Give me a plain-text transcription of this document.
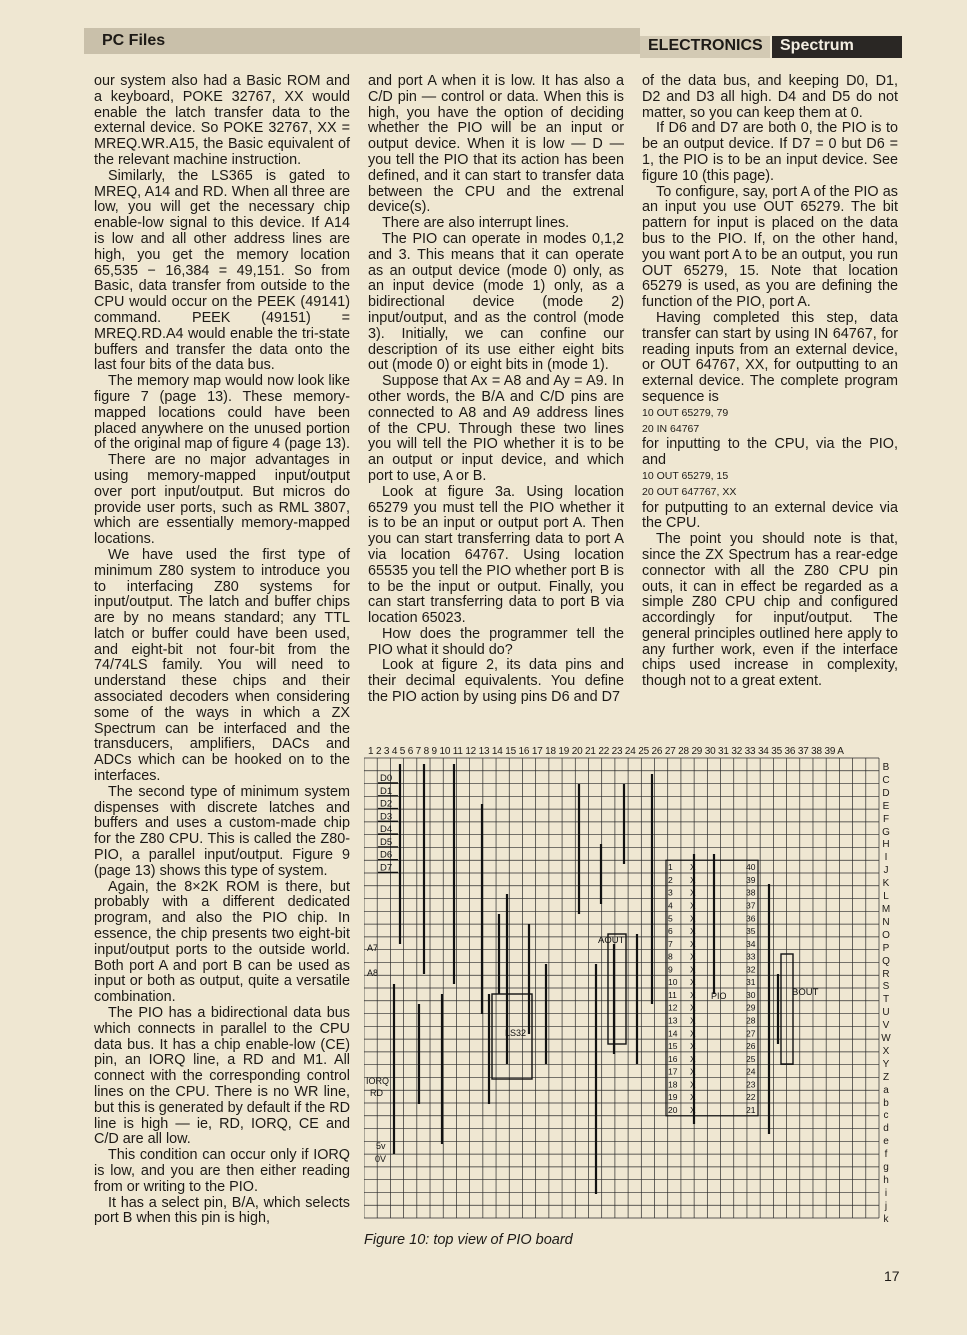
PC Files	ELECTRONICS Spectrum

our system also had a Basic ROM and a keyboard, POKE 32767, XX would enable the latch transfer data to the external device. So POKE 32767, XX = MREQ.WR.A15, the Basic equivalent of the relevant machine instruction.

Similarly, the LS365 is gated to MREQ, A14 and RD. When all three are low, you will get the necessary chip enable-low signal to this device. If A14 is low and all other address lines are high, you get the memory location 65,535 − 16,384 = 49,151. So from Basic, data transfer from outside to the CPU would occur on the PEEK (49141) command. PEEK (49151) = MREQ.RD.A4 would enable the tri-state buffers and transfer the data onto the last four bits of the data bus.

The memory map would now look like figure 7 (page 13). These memory-mapped locations could have been placed anywhere on the unused portion of the original map of figure 4 (page 13).

There are no major advantages in using memory-mapped input/output over port input/output. But micros do provide user ports, such as RML 3807, which are essentially memory-mapped locations.

We have used the first type of minimum Z80 system to introduce you to interfacing Z80 systems for input/output. The latch and buffer chips are by no means standard; any TTL latch or buffer could have been used, and eight-bit not four-bit from the 74/74LS family. You will need to understand these chips and their associated decoders when considering some of the ways in which a ZX Spectrum can be interfaced and the transducers, amplifiers, DACs and ADCs which can be hooked on to the interfaces.

The second type of minimum system dispenses with discrete latches and buffers and uses a custom-made chip for the Z80 CPU. This is called the Z80-PIO, a parallel input/output. Figure 9 (page 13) shows this type of system.

Again, the 8×2K ROM is there, but probably with a different dedicated program, and also the PIO chip. In essence, the chip presents two eight-bit input/output ports to the outside world. Both port A and port B can be used as input or both as output, quite a versatile combination.

The PIO has a bidirectional data bus which connects in parallel to the CPU data bus. It has a chip enable-low (CE) pin, an IORQ line, a RD and M1. All connect with the corresponding control lines on the CPU. There is no WR line, but this is generated by default if the RD line is high — ie, RD, IORQ, CE and C/D are all low.

This condition can occur only if IORQ is low, and you are then either reading from or writing to the PIO.

It has a select pin, B/A, which selects port B when this pin is high,

and port A when it is low. It has also a C/D pin — control or data. When this is high, you have the option of deciding whether the PIO will be an input or output device. When it is low — D — you tell the PIO that its action has been defined, and it can start to transfer data between the CPU and the extrenal device(s).

There are also interrupt lines.

The PIO can operate in modes 0,1,2 and 3. This means that it can operate as an output device (mode 0) only, as an input device (mode 1) only, as a bidirectional device (mode 2) input/output, and as the control (mode 3). Initially, we can confine our description of its use either eight bits out (mode 0) or eight bits in (mode 1).

Suppose that Ax = A8 and Ay = A9. In other words, the B/A and C/D pins are connected to A8 and A9 address lines of the CPU. Through these two lines you will tell the PIO whether it is to be an output or input device, and which port to use, A or B.

Look at figure 3a. Using location 65279 you must tell the PIO whether it is to be an input or output port A. Then you can start transferring data to port A via location 64767. Using location 65535 you tell the PIO whether port B is to be the input or output. Finally, you can start transferring data to port B via location 65023.

How does the programmer tell the PIO what it should do?

Look at figure 2, its data pins and their decimal equivalents. You define the PIO action by using pins D6 and D7

of the data bus, and keeping D0, D1, D2 and D3 all high. D4 and D5 do not matter, so you can keep them at 0.

If D6 and D7 are both 0, the PIO is to be an output device. If D7 = 0 but D6 = 1, the PIO is to be an input device. See figure 10 (this page).

To configure, say, port A of the PIO as an input you use OUT 65279. The bit pattern for input is placed on the data bus to the PIO. If, on the other hand, you want port A to be an output, you run OUT 65279, 15. Note that location 65279 is used, as you are defining the function of the PIO, port A.

Having completed this step, data transfer can start by using IN 64767, for reading inputs from an external device, or OUT 64767, XX, for outputting to an external device. The complete program sequence is

10 OUT 65279, 79

20 IN 64767

for inputting to the CPU, via the PIO, and

10 OUT 65279, 15

20 OUT 647767, XX

for putputting to an external device via the CPU.

The point you should note is that, since the ZX Spectrum has a rear-edge connector with all the Z80 CPU pin outs, it can in effect be regarded as a simple Z80 CPU chip and configured accordingly for input/output. The general principles outlined here apply to any further work, even if the interface chips used increase in complexity, though not to a great extent.

1 2 3 4 5 6 7 8 9 10 11 12 13 14 15 16 17 18 19 20 21 22 23 24 25 26 27 28 29 30 31 32 33 34 35 36 37 38 39 A
B
C
D
E
F
G
H
I
J
K
L
M
N
O
P
Q
R
S
T
U
V
W
X
Y
Z
a
b
c
d
e
f
g
h
i
j
k
A7
A8
IORQ
RD
5v
0V
AOUT
BOUT
PIO
LS32
D0
D1
D2
D3
D4
D5
D6
D7	1 X
2 X
3 X
4 X
5 X
6 X
7 X
8 X
9 X
10 X
11 X
12 X
13 X
14 X
15 X
16 X
17 X
18 X
19 X
20 X
40
39
38
37
36
35
34
33
32
31
30
29
28
27
26
25
24
23
22
21
Figure 10: top view of PIO board
17
